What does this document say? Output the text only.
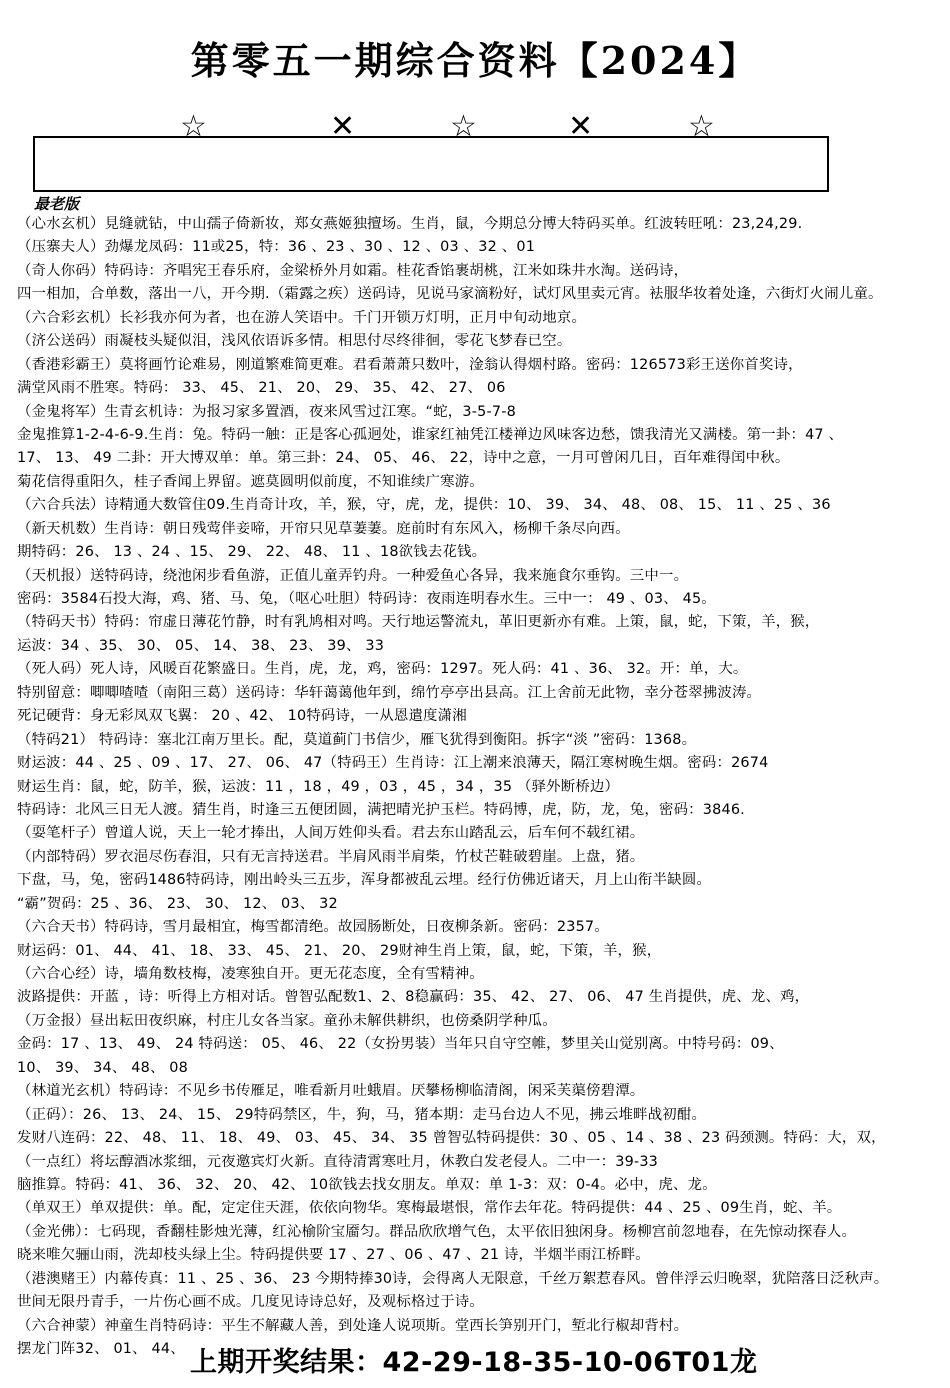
第零五一期综合资料【2024】
☆	✕	☆	✕	☆
最老版
（心水玄机）見缝就钻，中山孺子倚新妆，郑女燕姬独擅场。生肖，鼠，今期总分博大特码买单。红波转旺吼：23,24,29.
（压寨夫人）劲爆龙凤码：11或25，特：36 、23 、30 、12 、03 、32 、01
（奇人你码）特码诗：齐唱宪王春乐府，金梁桥外月如霜。桂花香馅裹胡桃，江米如珠井水淘。送码诗，
四一相加，合单数，落出一八，开今期.（霜露之疾）送码诗，见说马家滴粉好，试灯风里卖元宵。袪服华妆着处逢，六街灯火闹儿童。
（六合彩玄机）长衫我亦何为者，也在游人笑语中。千门开锁万灯明，正月中旬动地京。
（济公送码）雨凝枝头疑似泪，浅风依语诉多情。相思付尽终徘徊，零花飞梦春已空。
（香港彩霸王）莫将画竹论难易，刚道繁难简更难。君看萧萧只数叶，淦翁认得烟村路。密码：126573彩王送你首奖诗，
满堂风雨不胜寒。特码： 33、 45、 21、 20、 29、 35、 42、 27、 06
（金鬼将军）生青玄机诗：为报习家多置酒，夜来风雪过江寒。“蛇，3-5-7-8
金鬼推算1-2-4-6-9.生肖：兔。特码一触：正是客心孤迥处，谁家红袖凭江楼禅边风味客边愁，馈我清光又满楼。第一卦：47 、
17、 13、 49 二卦：开大博双单：单。第三卦：24、 05、 46、 22，诗中之意，一月可曾闲几日，百年难得闰中秋。
菊花信得重阳久，桂子香闻上界留。遮莫圆明似前度，不知谁续广寒游。
（六合兵法）诗精通大数管住09.生肖奇计攻，羊，猴，守，虎，龙，提供：10、 39、 34、 48、 08、 15、 11 、25 、36
（新天机数）生肖诗：朝日残莺伴妾啼，开帘只见草萋萋。庭前时有东风入，杨柳千条尽向西。
期特码：26、 13 、24 、15、 29、 22、 48、 11 、18欲钱去花钱。
（天机报）送特码诗，绕池闲步看鱼游，正值儿童弄钓舟。一种爱鱼心各异，我来施食尔垂钩。三中一。
密码：3584石投大海，鸡、猪、马、兔，（呕心吐胆）特码诗：夜雨连明春水生。三中一： 49 、03、 45。
（特码天书）特码：帘虚日薄花竹静，时有乳鸠相对鸣。天行地运警流丸，革旧更新亦有难。上策，鼠，蛇，下策，羊，猴，
运波：34 、35、 30、 05、 14、 38、 23、 39、 33
（死人码）死人诗，风暖百花繁盛日。生肖，虎，龙，鸡，密码：1297。死人码：41 、36、 32。开：单，大。
特别留意：唧唧喳喳（南阳三葛）送码诗：华轩蔼蔼他年到，绵竹亭亭出县高。江上舍前无此物，幸分苍翠拂波涛。
死记硬背：身无彩凤双飞翼： 20 、42、 10特码诗，一从恩遣度潇湘
（特码21） 特码诗：塞北江南万里长。配，莫道蓟门书信少，雁飞犹得到衡阳。拆字“淡 ”密码：1368。
财运波：44 、25 、09 、17、 27、 06、 47（特码王）生肖诗：江上潮来浪薄天，隔江寒树晚生烟。密码：2674
财运生肖：鼠，蛇，防羊，猴，运波：11 ，18 ，49 ，03 ，45 ，34 ，35 （驿外断桥边）
特码诗：北风三日无人渡。猜生肖，时逢三五便团圆，满把晴光护玉栏。特码博，虎，防，龙，兔，密码：3846.
（耍笔杆子）曾道人说，天上一轮才捧出，人间万姓仰头看。君去东山踏乱云，后车何不载红裙。
（内部特码）罗衣浥尽伤春泪，只有无言持送君。半肩风雨半肩柴，竹杖芒鞋破碧崖。上盘，猪。
下盘，马，兔，密码1486特码诗，刚出岭头三五步，浑身都被乱云埋。经行仿佛近诸天，月上山衔半缺圆。
“霸”贺码：25 、36、 23、 30、 12、 03、 32
（六合天书）特码诗，雪月最相宜，梅雪都清绝。故园肠断处，日夜柳条新。密码：2357。
财运码：01、 44、 41、 18、 33、 45、 21、 20、 29财神生肖上策，鼠，蛇，下策，羊，猴，
（六合心经）诗，墙角数枝梅，凌寒独自开。更无花态度，全有雪精神。
波路提供：开蓝 ，诗：听得上方相对话。曾智弘配数1、2、8稳赢码：35、 42、 27、 06、 47 生肖提供，虎、龙、鸡，
（万金报）昼出耘田夜织麻，村庄儿女各当家。童孙未解供耕织，也傍桑阴学种瓜。
金码：17 、13、 49、 24 特码送： 05、 46、 22（女扮男装）当年只自守空帷，梦里关山觉别离。中特号码：09、
10、 39、 34、 48、 08
（林道光玄机）特码诗：不见乡书传雁足，唯看新月吐蛾眉。厌攀杨柳临清阁，闲采芙蕖傍碧潭。
（正码）：26、 13、 24、 15、 29特码禁区，牛，狗，马，猪本期：走马台边人不见，拂云堆畔战初酣。
发财八连码：22、 48、 11、 18、 49、 03、 45、 34、 35 曾智弘特码提供：30 、05 、14 、38 、23 码颈测。特码：大，双，
（一点红）将坛醇酒冰浆细，元夜邀宾灯火新。直待清霄寒吐月，休教白发老侵人。二中一：39-33
脑推算。特码：41、 36、 32、 20、 42、 10欲钱去找女朋友。单双：单 1-3：双：0-4。必中，虎、龙。
（单双王）单双提供：单。配，定定住天涯，依依向物华。寒梅最堪恨，常作去年花。特码提供：44 、25 、09生肖，蛇、羊。
（金光佛）：七码现，香翻桂影烛光薄，红沁榆阶宝靥匀。群品欣欣增气色，太平依旧独闲身。杨柳宫前忽地春，在先惊动探春人。
晓来唯欠骊山雨，洗却枝头绿上尘。特码提供要 17 、27 、06 、47 、21 诗，半烟半雨江桥畔。
（港澳赌王）内幕传真：11 、25 、36、 23 今期特捧30诗，会得离人无限意，千丝万絮惹春风。曾伴浮云归晚翠，犹陪落日泛秋声。
世间无限丹青手，一片伤心画不成。几度见诗诗总好，及观标格过于诗。
（六合神蒙）神童生肖特码诗：平生不解藏人善，到处逢人说项斯。堂西长笋别开门，堑北行椒却背村。
摆龙门阵32、 01、 44、 上期开奖结果：42-29-18-35-10-06T01龙
